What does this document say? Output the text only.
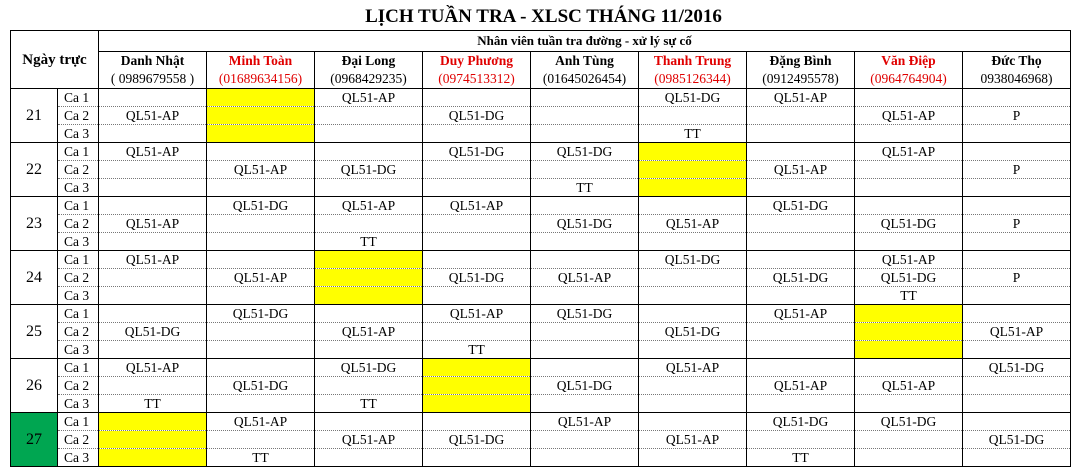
LỊCH TUẦN TRA - XLSC THÁNG 11/2016
Ngày trực		Nhân viên tuần tra đường - xử lý sự cố								
		Danh Nhật	Minh Toàn	Đại Long	Duy Phương	Anh Tùng	Thanh Trung	Đặng Bình	Văn Điệp	Đức Thọ
		( 0989679558 )	(01689634156)	(0968429235)	(0974513312)	(01645026454)	(0985126344)	(0912495578)	(0964764904)	0938046968)
21	Ca 1			QL51-AP			QL51-DG	QL51-AP		
	Ca 2	QL51-AP			QL51-DG				QL51-AP	P
	Ca 3						TT			
22	Ca 1	QL51-AP			QL51-DG	QL51-DG			QL51-AP	
	Ca 2		QL51-AP	QL51-DG				QL51-AP		P
	Ca 3					TT				
23	Ca 1		QL51-DG	QL51-AP	QL51-AP			QL51-DG		
	Ca 2	QL51-AP				QL51-DG	QL51-AP		QL51-DG	P
	Ca 3			TT						
24	Ca 1	QL51-AP					QL51-DG		QL51-AP	
	Ca 2		QL51-AP		QL51-DG	QL51-AP		QL51-DG	QL51-DG	P
	Ca 3								TT	
25	Ca 1		QL51-DG		QL51-AP	QL51-DG		QL51-AP		
	Ca 2	QL51-DG		QL51-AP			QL51-DG			QL51-AP
	Ca 3				TT					
26	Ca 1	QL51-AP		QL51-DG			QL51-AP			QL51-DG
	Ca 2		QL51-DG			QL51-DG		QL51-AP	QL51-AP	
	Ca 3	TT		TT						
27	Ca 1		QL51-AP			QL51-AP		QL51-DG	QL51-DG	
	Ca 2			QL51-AP	QL51-DG		QL51-AP			QL51-DG
	Ca 3		TT					TT		
